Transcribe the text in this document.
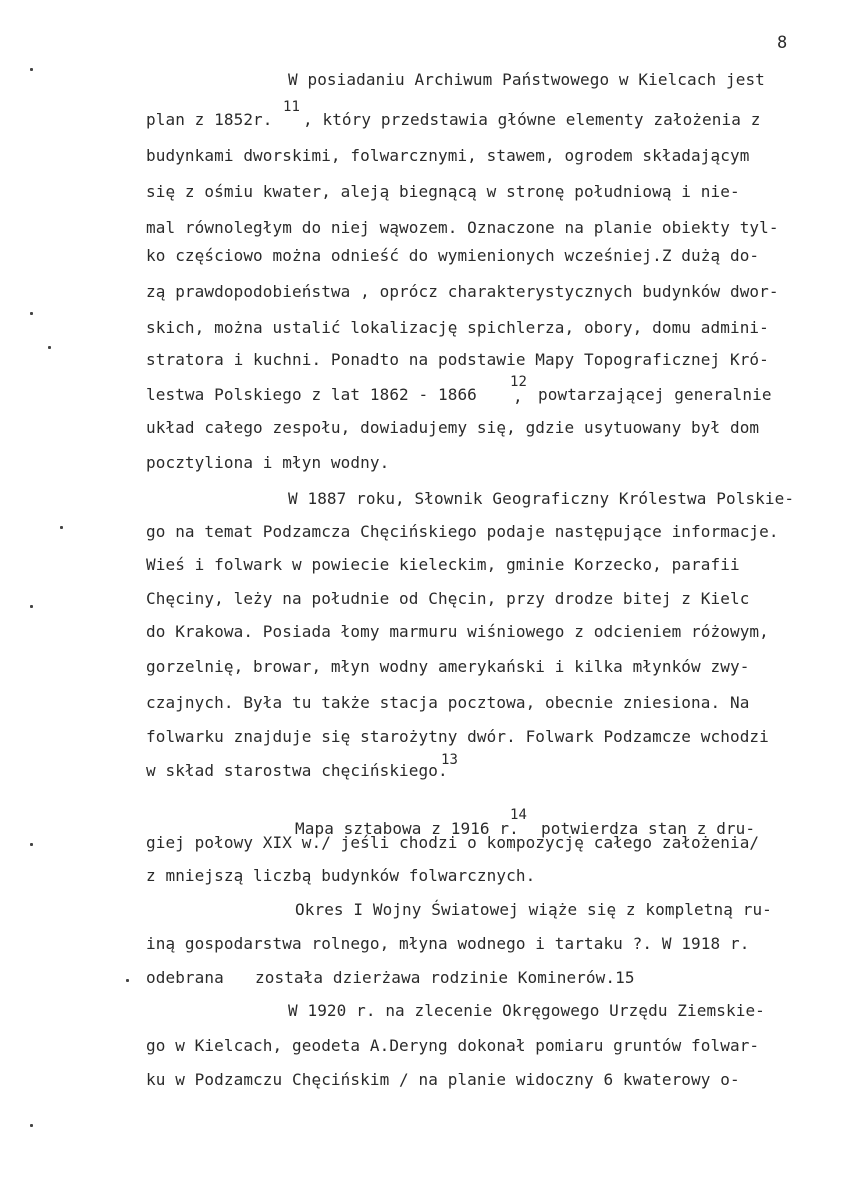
8
W posiadaniu Archiwum Państwowego w Kielcach jest
plan z 1852r.
11
, który przedstawia główne elementy założenia z
budynkami dworskimi, folwarcznymi, stawem, ogrodem składającym
się z ośmiu kwater, aleją biegnącą w stronę południową i nie-
mal równoległym do niej wąwozem. Oznaczone na planie obiekty tyl-
ko częściowo można odnieść do wymienionych wcześniej.Z dużą do-
zą prawdopodobieństwa , oprócz charakterystycznych budynków dwor-
skich, można ustalić lokalizację spichlerza, obory, domu admini-
stratora i kuchni. Ponadto na podstawie Mapy Topograficznej Kró-
lestwa Polskiego z lat 1862 - 1866
12
, powtarzającej generalnie
układ całego zespołu, dowiadujemy się, gdzie usytuowany był dom
pocztyliona i młyn wodny.
W 1887 roku, Słownik Geograficzny Królestwa Polskie-
go na temat Podzamcza Chęcińskiego podaje następujące informacje.
Wieś i folwark w powiecie kieleckim, gminie Korzecko, parafii
Chęciny, leży na południe od Chęcin, przy drodze bitej z Kielc
do Krakowa. Posiada łomy marmuru wiśniowego z odcieniem różowym,
gorzelnię, browar, młyn wodny amerykański i kilka młynków zwy-
czajnych. Była tu także stacja pocztowa, obecnie zniesiona. Na
folwarku znajduje się starożytny dwór. Folwark Podzamcze wchodzi
w skład starostwa chęcińskiego.
13
Mapa sztabowa z 1916 r.
14
potwierdza stan z dru-
giej połowy XIX w./ jeśli chodzi o kompozycję całego założenia/
z mniejszą liczbą budynków folwarcznych.
Okres I Wojny Światowej wiąże się z kompletną ru-
iną gospodarstwa rolnego, młyna wodnego i tartaku ?. W 1918 r.
odebrana została dzierżawa rodzinie Kominerów.15
W 1920 r. na zlecenie Okręgowego Urzędu Ziemskie-
go w Kielcach, geodeta A.Deryng dokonał pomiaru gruntów folwar-
ku w Podzamczu Chęcińskim / na planie widoczny 6 kwaterowy o-
